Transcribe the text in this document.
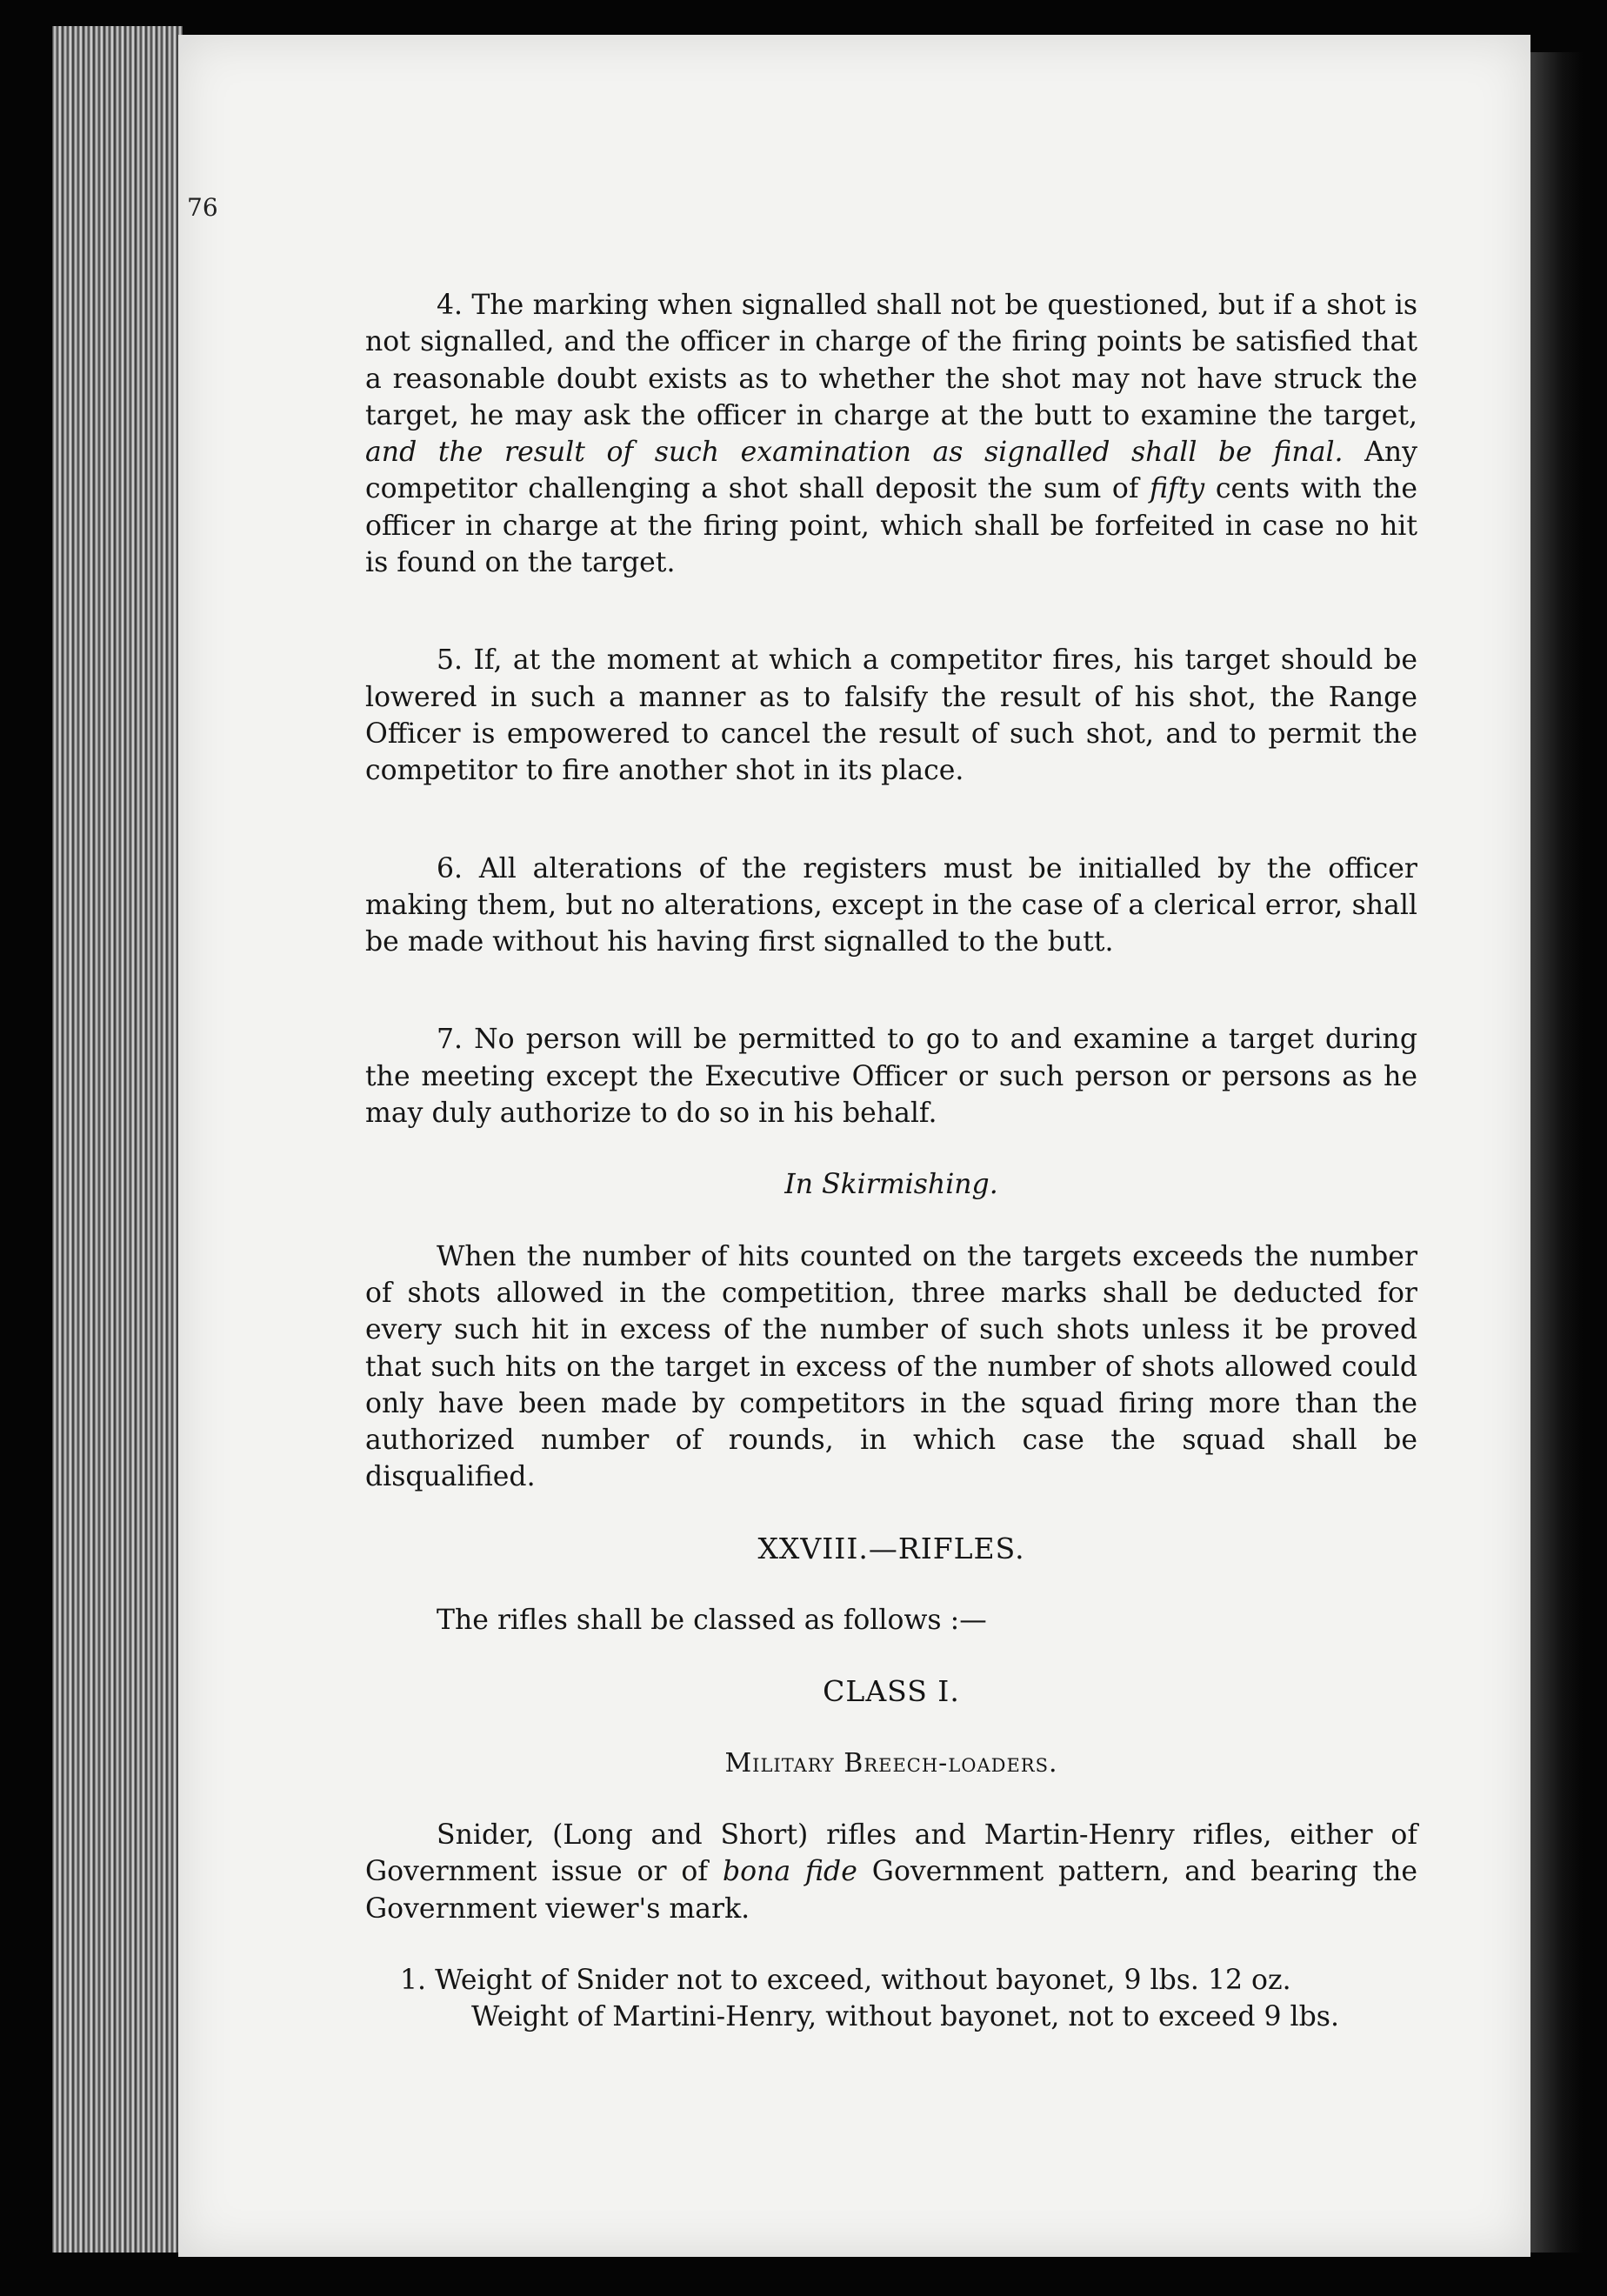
76

4. The marking when signalled shall not be questioned, but if a shot is not signalled, and the officer in charge of the firing points be satisfied that a reasonable doubt exists as to whether the shot may not have struck the target, he may ask the officer in charge at the butt to examine the target, and the result of such examination as signalled shall be final. Any competitor challenging a shot shall deposit the sum of fifty cents with the officer in charge at the firing point, which shall be forfeited in case no hit is found on the target.

5. If, at the moment at which a competitor fires, his target should be lowered in such a manner as to falsify the result of his shot, the Range Officer is empowered to cancel the result of such shot, and to permit the competitor to fire another shot in its place.

6. All alterations of the registers must be initialled by the officer making them, but no alterations, except in the case of a clerical error, shall be made without his having first signalled to the butt.

7. No person will be permitted to go to and examine a target during the meeting except the Executive Officer or such person or persons as he may duly authorize to do so in his behalf.

In Skirmishing.

When the number of hits counted on the targets exceeds the number of shots allowed in the competition, three marks shall be deducted for every such hit in excess of the number of such shots unless it be proved that such hits on the target in excess of the number of shots allowed could only have been made by competitors in the squad firing more than the authorized number of rounds, in which case the squad shall be disqualified.

XXVIII.—RIFLES.

The rifles shall be classed as follows :—

CLASS I.

Military Breech-loaders.

Snider, (Long and Short) rifles and Martin-Henry rifles, either of Government issue or of bona fide Government pattern, and bearing the Government viewer's mark.

1. Weight of Snider not to exceed, without bayonet, 9 lbs. 12 oz.

Weight of Martini-Henry, without bayonet, not to exceed 9 lbs.
